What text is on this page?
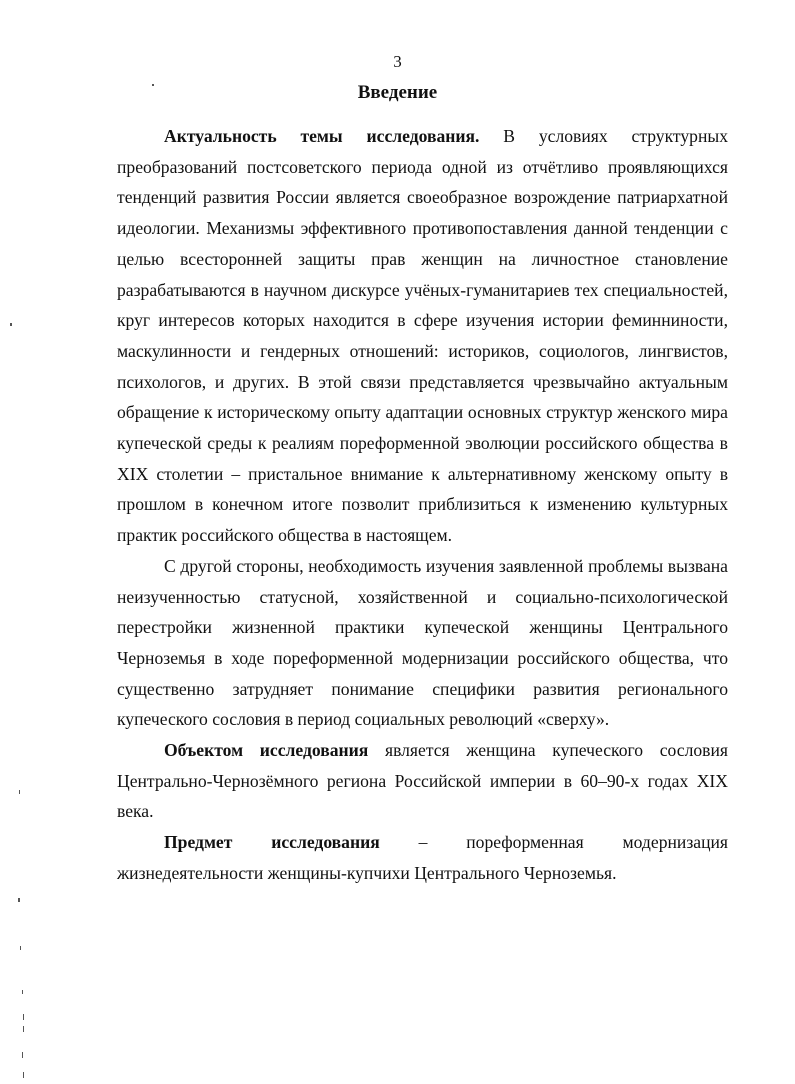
3
Введение

Актуальность темы исследования. В условиях структурных преобразований постсоветского периода одной из отчётливо проявляющихся тенденций развития России является своеобразное возрождение патриархатной идеологии. Механизмы эффективного противопоставления данной тенденции с целью всесторонней защиты прав женщин на личностное становление разрабатываются в научном дискурсе учёных-гуманитариев тех специальностей, круг интересов которых находится в сфере изучения истории феминниности, маскулинности и гендерных отношений: историков, социологов, лингвистов, психологов, и других. В этой связи представляется чрезвычайно актуальным обращение к историческому опыту адаптации основных структур женского мира купеческой среды к реалиям пореформенной эволюции российского общества в XIX столетии – пристальное внимание к альтернативному женскому опыту в прошлом в конечном итоге позволит приблизиться к изменению культурных практик российского общества в настоящем.

С другой стороны, необходимость изучения заявленной проблемы вызвана неизученностью статусной, хозяйственной и социально-психологической перестройки жизненной практики купеческой женщины Центрального Черноземья в ходе пореформенной модернизации российского общества, что существенно затрудняет понимание специфики развития регионального купеческого сословия в период социальных революций «сверху».

Объектом исследования является женщина купеческого сословия Центрально-Чернозёмного региона Российской империи в 60–90-х годах XIX века.

Предмет исследования – пореформенная модернизация
жизнедеятельности женщины-купчихи Центрального Черноземья.
